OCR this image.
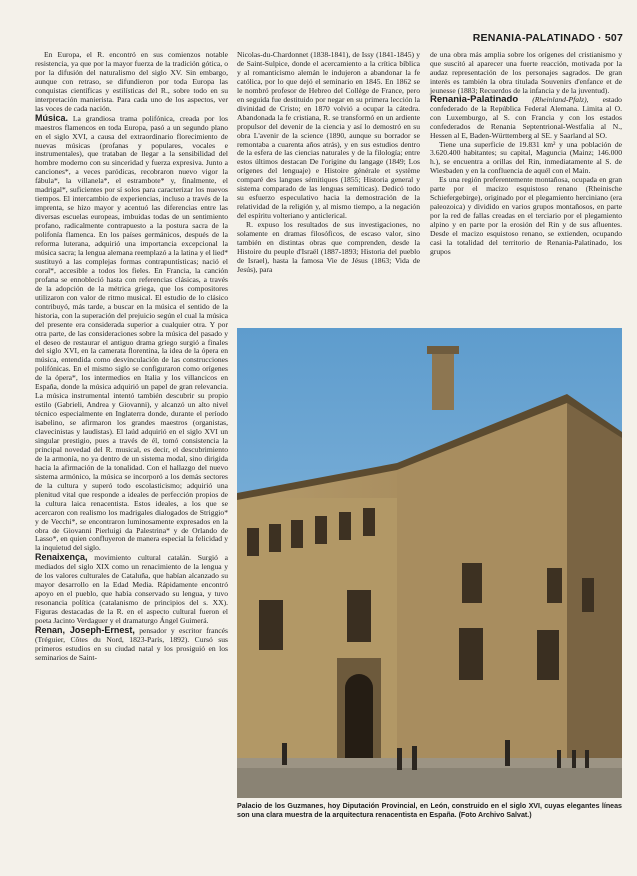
RENANIA-PALATINADO · 507

En Europa, el R. encontró en sus comienzos notable resistencia, ya que por la mayor fuerza de la tradición gótica, o por la difusión del naturalismo del siglo XV. Sin embargo, aunque con retraso, se difundieron por toda Europa las conquistas científicas y estilísticas del R., sobre todo en su interpretación manierista. Para cada uno de los aspectos, ver las voces de cada nación.

Música. La grandiosa trama polifónica, creada por los maestros flamencos en toda Europa, pasó a un segundo plano en el siglo XVI, a causa del extraordinario florecimiento de nuevas músicas (profanas y populares, vocales e instrumentales), que trataban de llegar a la sensibilidad del hombre moderno con su sinceridad y fuerza expresiva. Junto a canciones*, a veces paródicas, recobraron nuevo vigor la fábula*, la villanela*, el estrambote* y, finalmente, el madrigal*, suficientes por sí solos para caracterizar los nuevos tiempos. El intercambio de experiencias, incluso a través de la imprenta, se hizo mayor y acentuó las diferencias entre las diversas escuelas europeas, imbuidas todas de un sentimiento profano, radicalmente contrapuesto a la postura sacra de la polifonía flamenca. En los países germánicos, después de la reforma luterana, adquirió una importancia excepcional la música sacra; la lengua alemana reemplazó a la latina y el lied* sustituyó a las complejas formas contrapuntísticas; nació el coral*, accesible a todos los fieles. En Francia, la canción profana se ennobleció hasta con referencias clásicas, a través de la adopción de la métrica griega, que los compositores utilizaron con valor de ritmo musical. El estudio de lo clásico contribuyó, más tarde, a buscar en la música el sentido de la historia, con la superación del prejuicio según el cual la música del presente era considerada superior a cualquier otra. Y por otra parte, de las consideraciones sobre la música del pasado y el deseo de restaurar el antiguo drama griego surgió a finales del siglo XVI, en la camerata florentina, la idea de la ópera en música, entendida como desvinculación de las construcciones polifónicas. En el mismo siglo se configuraron como orígenes de la ópera*, los intermedios en Italia y los villancicos en España, donde la música adquirió un papel de gran relevancia. La música instrumental intentó también descubrir su propio estilo (Gabrieli, Andrea y Giovanni), y alcanzó un alto nivel técnico especialmente en Inglaterra donde, durante el período isabelino, se afirmaron los grandes maestros (organistas, clavecinistas y laudistas). El laúd adquirió en el siglo XVI un singular prestigio, pues a través de él, tomó consistencia la principal novedad del R. musical, es decir, el descubrimiento de la armonía, no ya dentro de un sistema modal, sino dirigida hacia la afirmación de la tonalidad. Con el hallazgo del nuevo sistema armónico, la música se incorporó a los demás sectores de la cultura y superó todo escolasticismo; adquirió una plenitud vital que responde a ideales de perfección propios de la cultura laica renacentista. Estos ideales, a los que se acercaron con realismo los madrigales dialogados de Striggio* y de Vecchi*, se encontraron luminosamente expresados en la obra de Giovanni Pierluigi da Palestrina* y de Orlando de Lasso*, en quien confluyeron de manera especial la felicidad y la inquietud del siglo.

Renaixença, movimiento cultural catalán. Surgió a mediados del siglo XIX como un renacimiento de la lengua y de los valores culturales de Cataluña, que habían alcanzado su mayor desarrollo en la Edad Media. Rápidamente encontró apoyo en el pueblo, que había conservado su lengua, y tuvo resonancia política (catalanismo de principios del s. XX). Figuras destacadas de la R. en el aspecto cultural fueron el poeta Jacinto Verdaguer y el dramaturgo Ángel Guimerá.

Renan, Joseph-Ernest, pensador y escritor francés (Tréguier, Côtes du Nord, 1823-París, 1892). Cursó sus primeros estudios en su ciudad natal y los prosiguió en los seminarios de Saint-

Nicolas-du-Chardonnet (1838-1841), de Issy (1841-1845) y de Saint-Sulpice, donde el acercamiento a la crítica bíblica y al romanticismo alemán le indujeron a abandonar la fe católica, por lo que dejó el seminario en 1845. En 1862 se le nombró profesor de Hebreo del Collège de France, pero en seguida fue destituido por negar en su primera lección la divinidad de Cristo; en 1870 volvió a ocupar la cátedra. Abandonada la fe cristiana, R. se transformó en un ardiente propulsor del devenir de la ciencia y así lo demostró en su obra L'avenir de la science (1890, aunque su borrador se remontaba a cuarenta años atrás), y en sus estudios dentro de la esfera de las ciencias naturales y de la filología; entre estos últimos destacan De l'origine du langage (1849; Los orígenes del lenguaje) e Histoire générale et système comparé des langues sémitiques (1855; Historia general y sistema comparado de las lenguas semíticas). Dedicó todo su esfuerzo especulativo hacia la demostración de la relatividad de la religión y, al mismo tiempo, a la negación del espíritu volteriano y anticlerical.

R. expuso los resultados de sus investigaciones, no solamente en dramas filosóficos, de escaso valor, sino también en distintas obras que comprenden, desde la Histoire du peuple d'Israël (1887-1893; Historia del pueblo de Israel), hasta la famosa Vie de Jésus (1863; Vida de Jesús), para

de una obra más amplia sobre los orígenes del cristianismo y que suscitó al aparecer una fuerte reacción, motivada por la audaz representación de los personajes sagrados. De gran interés es también la obra titulada Souvenirs d'enfance et de jeunesse (1883; Recuerdos de la infancia y de la juventud).

Renania-Palatinado (Rheinland-Pfalz), estado confederado de la República Federal Alemana. Limita al O. con Luxemburgo, al S. con Francia y con los estados confederados de Renania Septentrional-Westfalia al N., Hessen al E, Baden-Württemberg al SE. y Saarland al SO.

Tiene una superficie de 19.831 km² y una población de 3.620.400 habitantes; su capital, Maguncia (Mainz; 146.000 h.), se encuentra a orillas del Rin, inmediatamente al S. de Wiesbaden y en la confluencia de aquél con el Main.

Es una región preferentemente montañosa, ocupada en gran parte por el macizo esquistoso renano (Rheinische Schiefergebirge), originado por el plegamiento herciniano (era paleozoica) y dividido en varios grupos montañosos, en parte por la red de fallas creadas en el terciario por el plegamiento alpino y en parte por la erosión del Rin y de sus afluentes. Desde el macizo esquistoso renano, se extienden, ocupando casi la totalidad del territorio de Renania-Palatinado, los grupos

Palacio de los Guzmanes, hoy Diputación Provincial, en León, construido en el siglo XVI, cuyas elegantes líneas son una clara muestra de la arquitectura renacentista en España. (Foto Archivo Salvat.)
